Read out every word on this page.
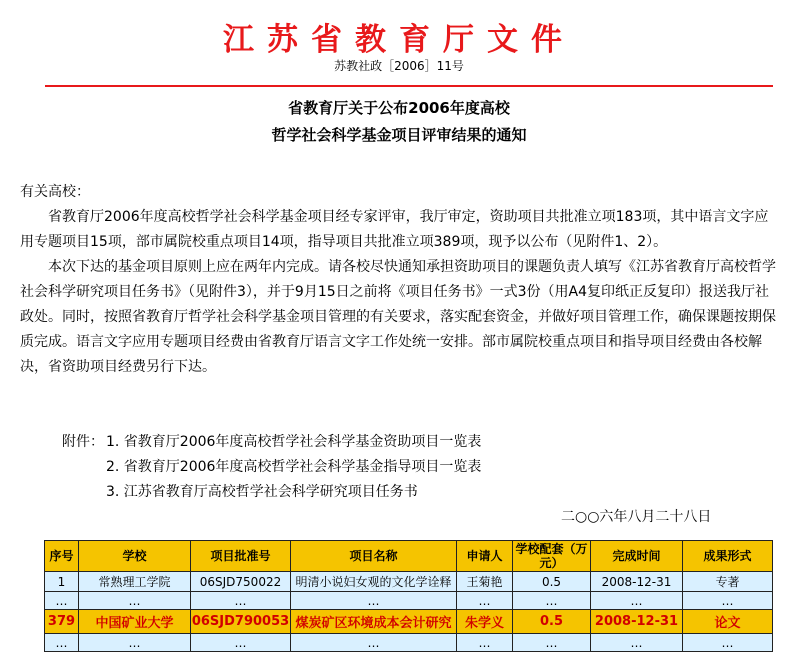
江苏省教育厅文件
苏教社政［2006］11号
省教育厅关于公布2006年度高校
哲学社会科学基金项目评审结果的通知

有关高校：

省教育厅2006年度高校哲学社会科学基金项目经专家评审，我厅审定，资助项目共批准立项183项，其中语言文字应用专题项目15项，部市属院校重点项目14项，指导项目共批准立项389项，现予以公布（见附件1、2）。

本次下达的基金项目原则上应在两年内完成。请各校尽快通知承担资助项目的课题负责人填写《江苏省教育厅高校哲学社会科学研究项目任务书》（见附件3），并于9月15日之前将《项目任务书》一式3份（用A4复印纸正反复印）报送我厅社政处。同时，按照省教育厅哲学社会科学基金项目管理的有关要求，落实配套资金，并做好项目管理工作，确保课题按期保质完成。语言文字应用专题项目经费由省教育厅语言文字工作处统一安排。部市属院校重点项目和指导项目经费由各校解决，省资助项目经费另行下达。

附件： 1. 省教育厅2006年度高校哲学社会科学基金资助项目一览表
2. 省教育厅2006年度高校哲学社会科学基金指导项目一览表
3. 江苏省教育厅高校哲学社会科学研究项目任务书
二○○六年八月二十八日
序号	学校	项目批准号	项目名称	申请人	学校配套（万元）	完成时间	成果形式
1	常熟理工学院	06SJD750022	明清小说妇女观的文化学诠释	王菊艳	0.5	2008-12-31	专著
…	…	…	…	…	…	…	…
379	中国矿业大学	06SJD790053	煤炭矿区环境成本会计研究	朱学义	0.5	2008-12-31	论文
…	…	…	…	…	…	…	…
